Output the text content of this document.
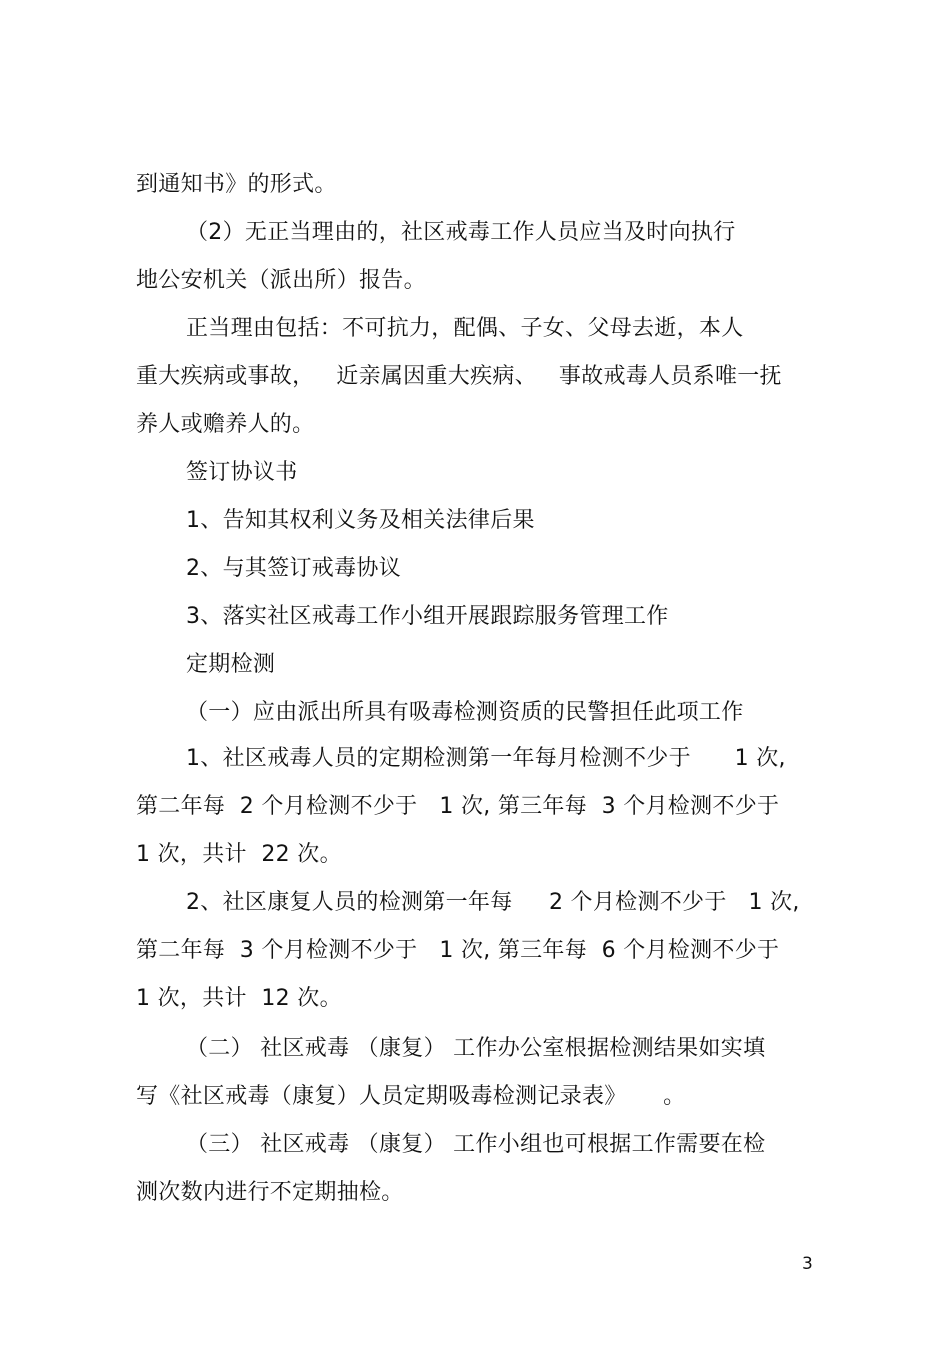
到通知书》的形式。
（2）无正当理由的，社区戒毒工作人员应当及时向执行
地公安机关（派出所）报告。
正当理由包括：不可抗力，配偶、子女、父母去逝，本人
重大疾病或事故，   近亲属因重大疾病、   事故戒毒人员系唯一抚
养人或赡养人的。
签订协议书
1、告知其权利义务及相关法律后果
2、与其签订戒毒协议
3、落实社区戒毒工作小组开展跟踪服务管理工作
定期检测
（一）应由派出所具有吸毒检测资质的民警担任此项工作
1、社区戒毒人员的定期检测第一年每月检测不少于      1 次,
第二年每  2 个月检测不少于   1 次, 第三年每  3 个月检测不少于
1 次，共计  22 次。
2、社区康复人员的检测第一年每     2 个月检测不少于   1 次,
第二年每  3 个月检测不少于   1 次, 第三年每  6 个月检测不少于
1 次，共计  12 次。
（二） 社区戒毒 （康复） 工作办公室根据检测结果如实填
写《社区戒毒（康复）人员定期吸毒检测记录表》     。
（三） 社区戒毒 （康复） 工作小组也可根据工作需要在检
测次数内进行不定期抽检。
3
